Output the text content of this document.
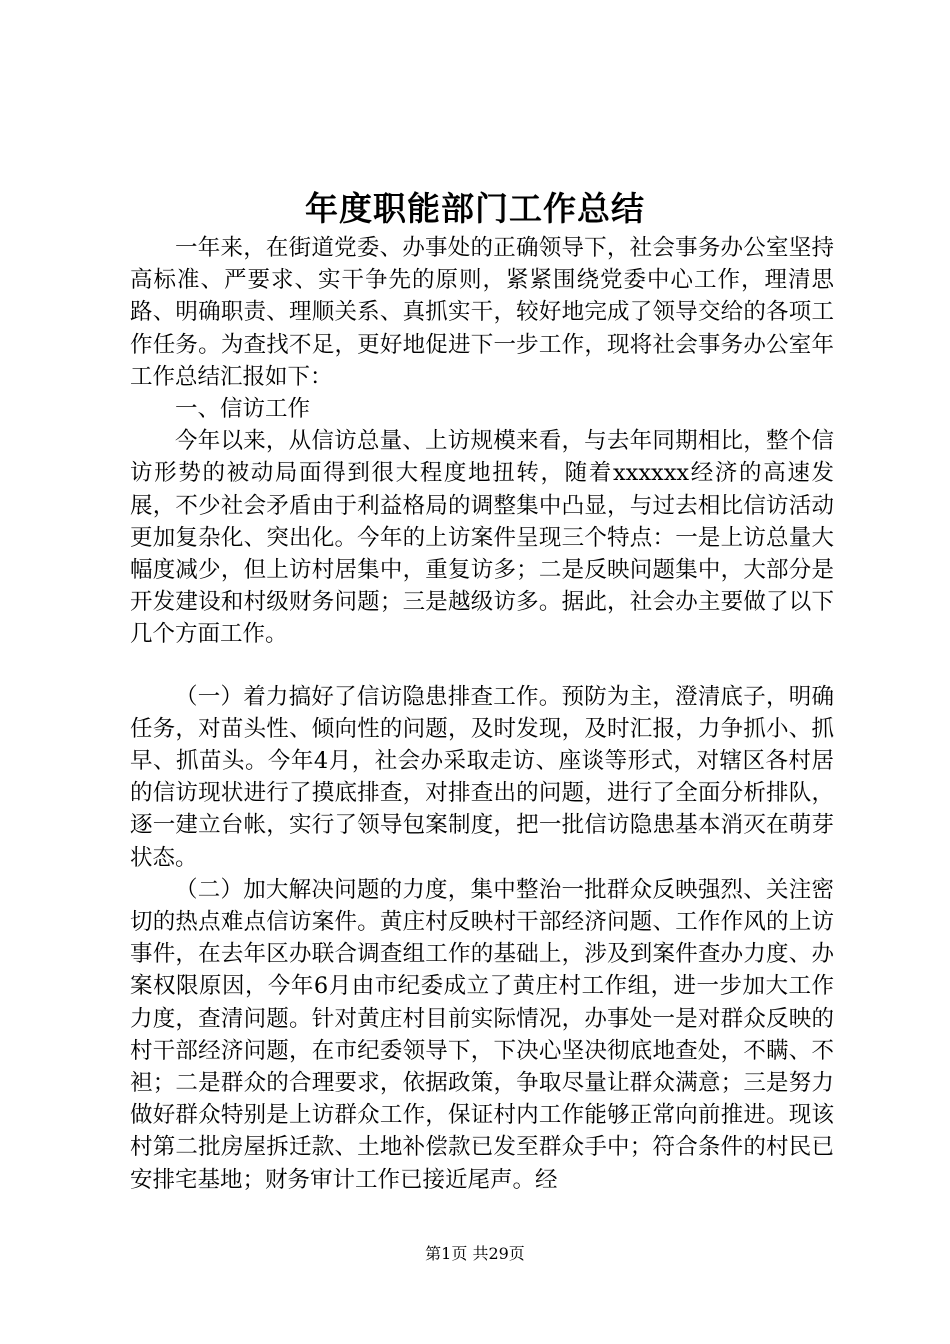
年度职能部门工作总结

一年来，在街道党委、办事处的正确领导下，社会事务办公室坚持高标准、严要求、实干争先的原则，紧紧围绕党委中心工作，理清思路、明确职责、理顺关系、真抓实干，较好地完成了领导交给的各项工作任务。为查找不足，更好地促进下一步工作，现将社会事务办公室年工作总结汇报如下：

一、信访工作

今年以来，从信访总量、上访规模来看，与去年同期相比，整个信访形势的被动局面得到很大程度地扭转，随着xxxxxx经济的高速发展，不少社会矛盾由于利益格局的调整集中凸显，与过去相比信访活动更加复杂化、突出化。今年的上访案件呈现三个特点：一是上访总量大幅度减少，但上访村居集中，重复访多；二是反映问题集中，大部分是开发建设和村级财务问题；三是越级访多。据此，社会办主要做了以下几个方面工作。

（一）着力搞好了信访隐患排查工作。预防为主，澄清底子，明确任务，对苗头性、倾向性的问题，及时发现，及时汇报，力争抓小、抓早、抓苗头。今年4月，社会办采取走访、座谈等形式，对辖区各村居的信访现状进行了摸底排查，对排查出的问题，进行了全面分析排队，逐一建立台帐，实行了领导包案制度，把一批信访隐患基本消灭在萌芽状态。

（二）加大解决问题的力度，集中整治一批群众反映强烈、关注密切的热点难点信访案件。黄庄村反映村干部经济问题、工作作风的上访事件，在去年区办联合调查组工作的基础上，涉及到案件查办力度、办案权限原因，今年6月由市纪委成立了黄庄村工作组，进一步加大工作力度，查清问题。针对黄庄村目前实际情况，办事处一是对群众反映的村干部经济问题，在市纪委领导下，下决心坚决彻底地查处，不瞒、不袒；二是群众的合理要求，依据政策，争取尽量让群众满意；三是努力做好群众特别是上访群众工作，保证村内工作能够正常向前推进。现该村第二批房屋拆迁款、土地补偿款已发至群众手中；符合条件的村民已安排宅基地；财务审计工作已接近尾声。经

第1页 共29页
